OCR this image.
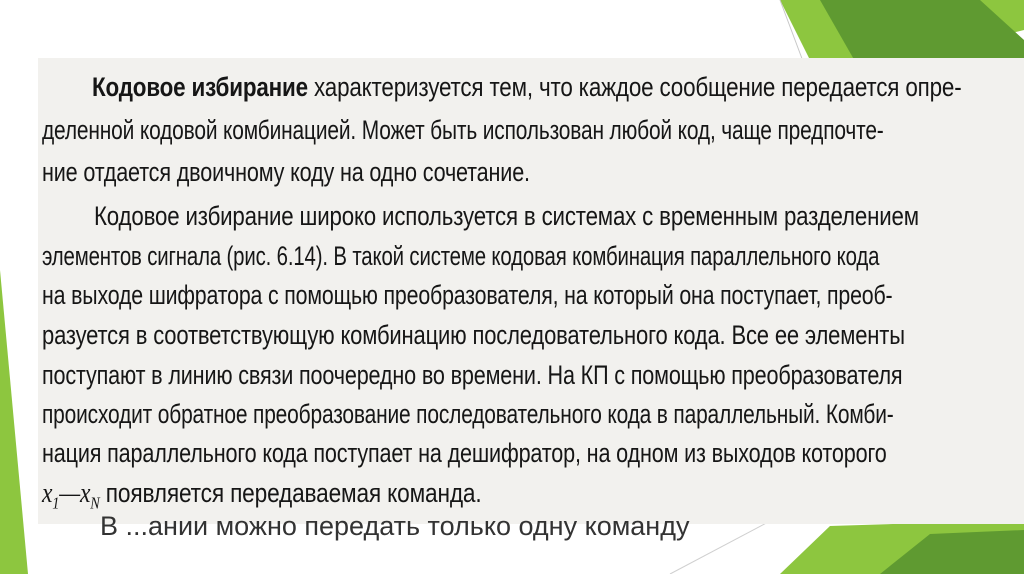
Кодовое избирание характеризуется тем, что каждое сообщение передается опре-
деленной кодовой комбинацией. Может быть использован любой код, чаще предпочте-
ние отдается двоичному коду на одно сочетание.
Кодовое избирание широко используется в системах с временным разделением
элементов сигнала (рис. 6.14). В такой системе кодовая комбинация параллельного кода
на выходе шифратора с помощью преобразователя, на который она поступает, преоб-
разуется в соответствующую комбинацию последовательного кода. Все ее элементы
поступают в линию связи поочередно во времени. На КП с помощью преобразователя
происходит обратное преобразование последовательного кода в параллельный. Комби-
нация параллельного кода поступает на дешифратор, на одном из выходов которого
$x_1—x_N$ появляется передаваемая команда.
В ...ании можно передать только одну команду
